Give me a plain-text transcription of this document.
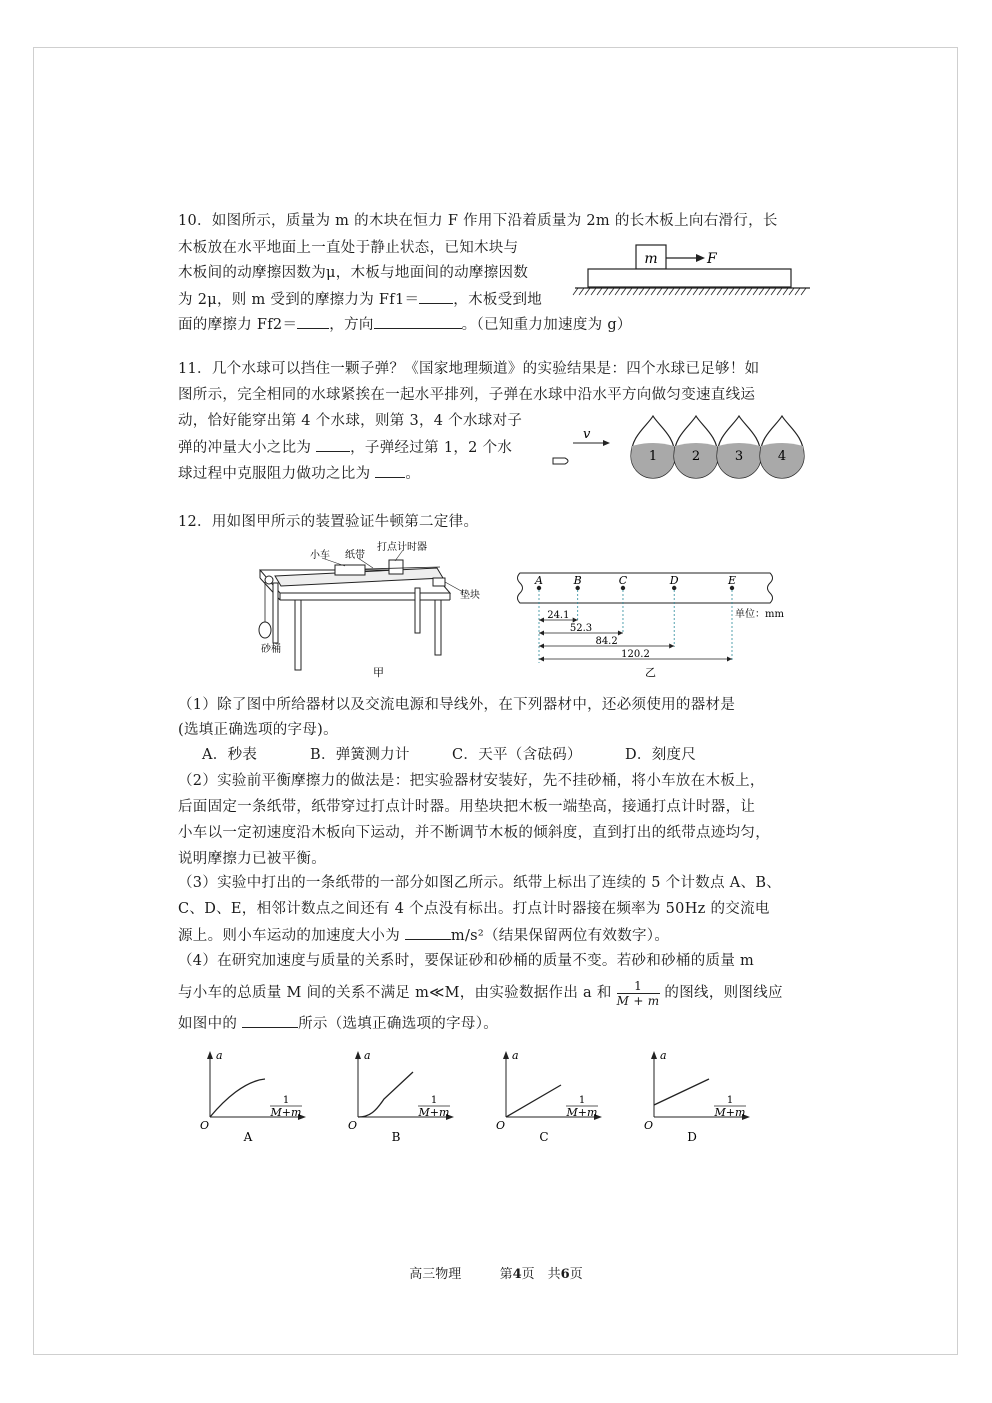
10．如图所示，质量为 m 的木块在恒力 F 作用下沿着质量为 2m 的长木板上向右滑行，长
木板放在水平地面上一直处于静止状态，已知木块与
木板间的动摩擦因数为μ，木板与地面间的动摩擦因数
为 2μ，则 m 受到的摩擦力为 Ff1＝ ，木板受到地
面的摩擦力 Ff2＝ ，方向	。（已知重力加速度为 g）
m	F
11．几个水球可以挡住一颗子弹？《国家地理频道》的实验结果是：四个水球已足够！如
图所示，完全相同的水球紧挨在一起水平排列，子弹在水球中沿水平方向做匀变速直线运
动，恰好能穿出第 4 个水球，则第 3，4 个水球对子
弹的冲量大小之比为 ，子弹经过第 1，2 个水
球过程中克服阻力做功之比为 。
v
1	2	3	4
12．用如图甲所示的装置验证牛顿第二定律。
小车 纸带
打点计时器
垫块
砂桶
甲
A	B	C	D	E
24.1
52.3
84.2
120.2
单位：mm
乙
（1）除了图中所给器材以及交流电源和导线外，在下列器材中，还必须使用的器材是
(选填正确选项的字母)。
A．秒表	B．弹簧测力计	C．天平（含砝码）	D．刻度尺
（2）实验前平衡摩擦力的做法是：把实验器材安装好，先不挂砂桶，将小车放在木板上，
后面固定一条纸带，纸带穿过打点计时器。用垫块把木板一端垫高，接通打点计时器，让
小车以一定初速度沿木板向下运动，并不断调节木板的倾斜度，直到打出的纸带点迹均匀，
说明摩擦力已被平衡。
（3）实验中打出的一条纸带的一部分如图乙所示。纸带上标出了连续的 5 个计数点 A、B、
C、D、E，相邻计数点之间还有 4 个点没有标出。打点计时器接在频率为 50Hz 的交流电
源上。则小车运动的加速度大小为	m/s²（结果保留两位有效数字）。
（4）在研究加速度与质量的关系时，要保证砂和砂桶的质量不变。若砂和砂桶的质量 m
与小车的总质量 M 间的关系不满足 m≪M，由实验数据作出 a 和 $\frac{1}{M + m}$ 的图线，则图线应
如图中的	所示（选填正确选项的字母）。
a
O
1
M+m
A
a
O
1
M+m
B
a
O
1
M+m
C
a
O
1
M+m
D
高三物理	第4页　共6页
